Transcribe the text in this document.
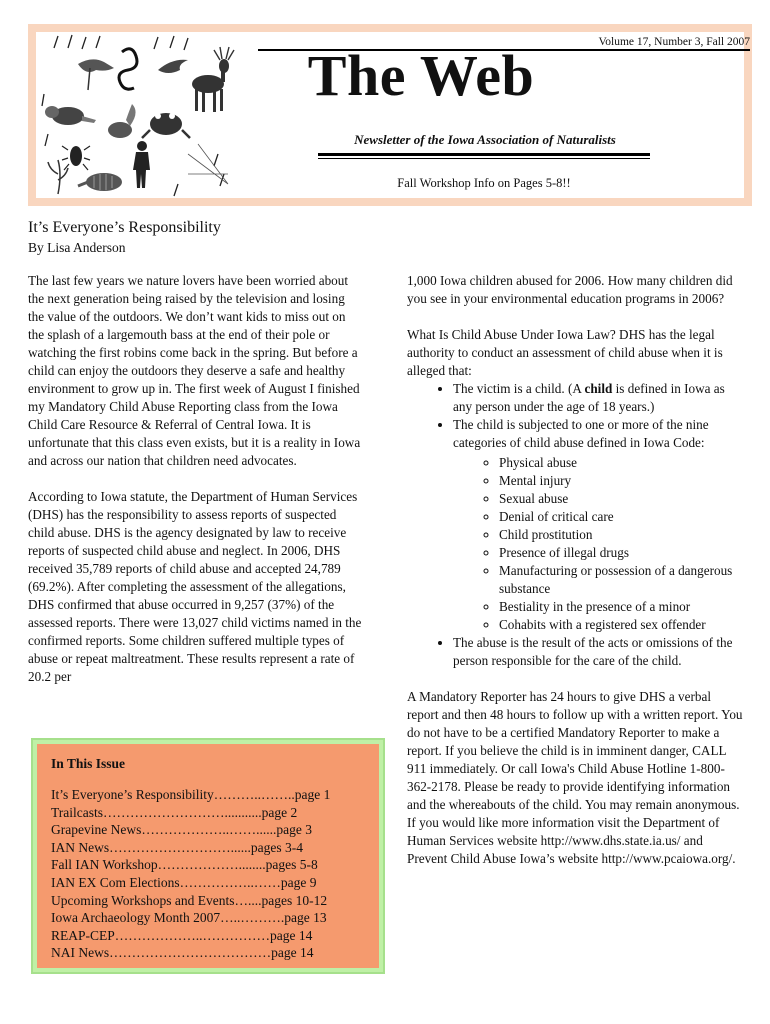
Volume 17, Number 3, Fall 2007
The Web
Newsletter of the Iowa Association of Naturalists
Fall Workshop Info on Pages 5-8!!
It’s Everyone’s Responsibility
By Lisa Anderson

The last few years we nature lovers have been worried about the next generation being raised by the television and losing the value of the outdoors. We don’t want kids to miss out on the splash of a largemouth bass at the end of their pole or watching the first robins come back in the spring. But before a child can enjoy the outdoors they deserve a safe and healthy environment to grow up in. The first week of August I finished my Mandatory Child Abuse Reporting class from the Iowa Child Care Resource & Referral of Central Iowa. It is unfortunate that this class even exists, but it is a reality in Iowa and across our nation that children need advocates.

According to Iowa statute, the Department of Human Services (DHS) has the responsibility to assess reports of suspected child abuse. DHS is the agency designated by law to receive reports of suspected child abuse and neglect. In 2006, DHS received 35,789 reports of child abuse and accepted 24,789 (69.2%). After completing the assessment of the allegations, DHS confirmed that abuse occurred in 9,257 (37%) of the assessed reports. There were 13,027 child victims named in the confirmed reports. Some children suffered multiple types of abuse or repeat maltreatment. These results represent a rate of 20.2 per

1,000 Iowa children abused for 2006. How many children did you see in your environmental education programs in 2006?

What Is Child Abuse Under Iowa Law? DHS has the legal authority to conduct an assessment of child abuse when it is alleged that:

• The victim is a child. (A child is defined in Iowa as any person under the age of 18 years.)
• The child is subjected to one or more of the nine categories of child abuse defined in Iowa Code:
◦ Physical abuse
◦ Mental injury
◦ Sexual abuse
◦ Denial of critical care
◦ Child prostitution
◦ Presence of illegal drugs
◦ Manufacturing or possession of a dangerous substance
◦ Bestiality in the presence of a minor
◦ Cohabits with a registered sex offender
• The abuse is the result of the acts or omissions of the person responsible for the care of the child.

A Mandatory Reporter has 24 hours to give DHS a verbal report and then 48 hours to follow up with a written report. You do not have to be a certified Mandatory Reporter to make a report. If you believe the child is in imminent danger, CALL 911 immediately. Or call Iowa's Child Abuse Hotline 1-800-362-2178. Please be ready to provide identifying information and the whereabouts of the child. You may remain anonymous. If you would like more information visit the Department of Human Services website http://www.dhs.state.ia.us/ and Prevent Child Abuse Iowa’s website http://www.pcaiowa.org/.

In This Issue
It’s Everyone’s Responsibility………..……..page 1
Trailcasts………………………...........page 2
Grapevine News………………..……......page 3
IAN News………………………......pages 3-4
Fall IAN Workshop………………........pages 5-8
IAN EX Com Elections……………..……page 9
Upcoming Workshops and Events…....pages 10-12
Iowa Archaeology Month 2007…..……….page 13
REAP-CEP………………..……………page 14
NAI News………………………………page 14
